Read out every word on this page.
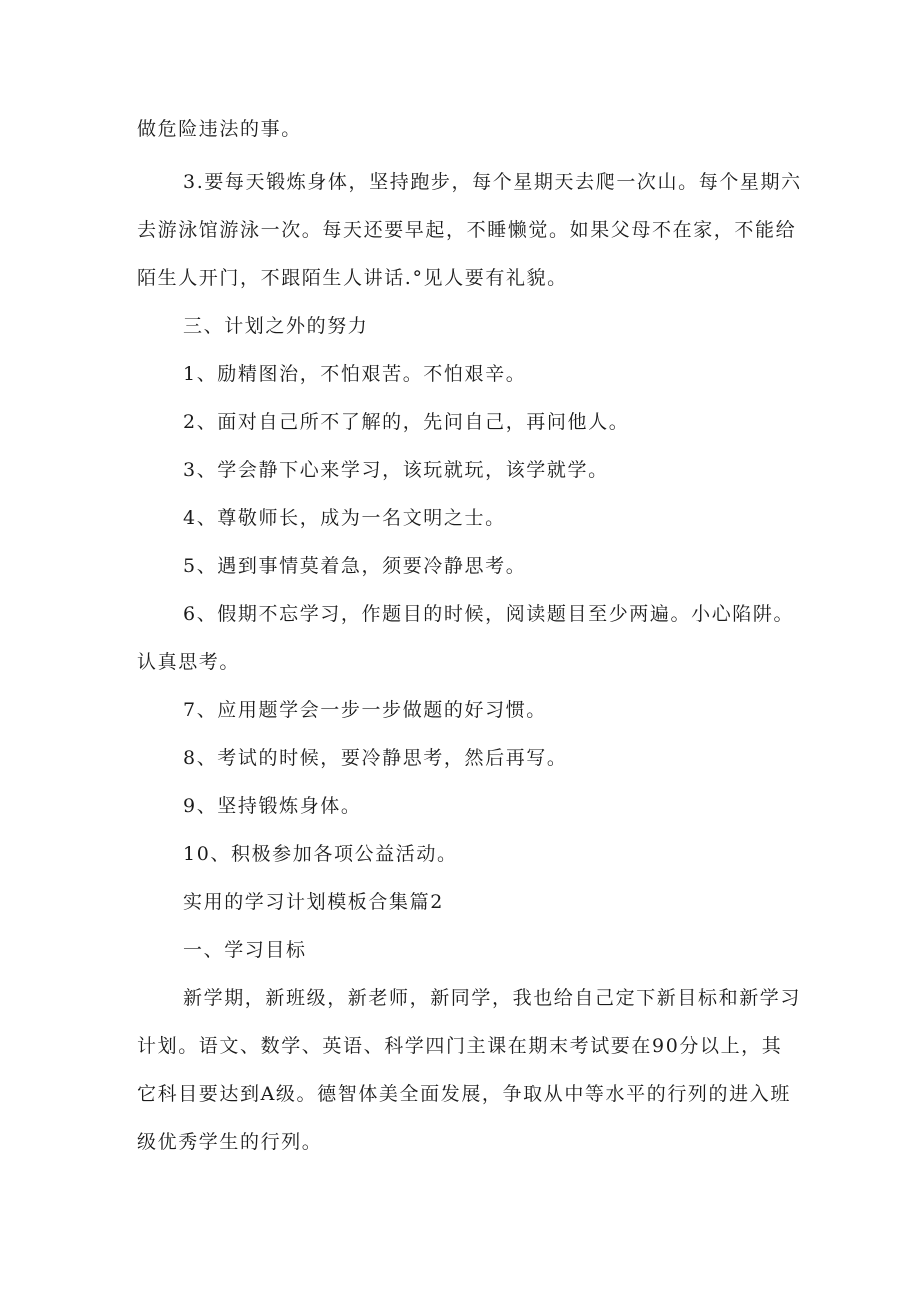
做危险违法的事。
3.要每天锻炼身体，坚持跑步，每个星期天去爬一次山。每个星期六
去游泳馆游泳一次。每天还要早起，不睡懒觉。如果父母不在家，不能给
陌生人开门，不跟陌生人讲话.°见人要有礼貌。
三、计划之外的努力
1、励精图治，不怕艰苦。不怕艰辛。
2、面对自己所不了解的，先问自己，再问他人。
3、学会静下心来学习，该玩就玩，该学就学。
4、尊敬师长，成为一名文明之士。
5、遇到事情莫着急，须要冷静思考。
6、假期不忘学习，作题目的时候，阅读题目至少两遍。小心陷阱。
认真思考。
7、应用题学会一步一步做题的好习惯。
8、考试的时候，要冷静思考，然后再写。
9、坚持锻炼身体。
10、积极参加各项公益活动。
实用的学习计划模板合集篇2
一、学习目标
新学期，新班级，新老师，新同学，我也给自己定下新目标和新学习
计划。语文、数学、英语、科学四门主课在期末考试要在90分以上，其
它科目要达到A级。德智体美全面发展，争取从中等水平的行列的进入班
级优秀学生的行列。
